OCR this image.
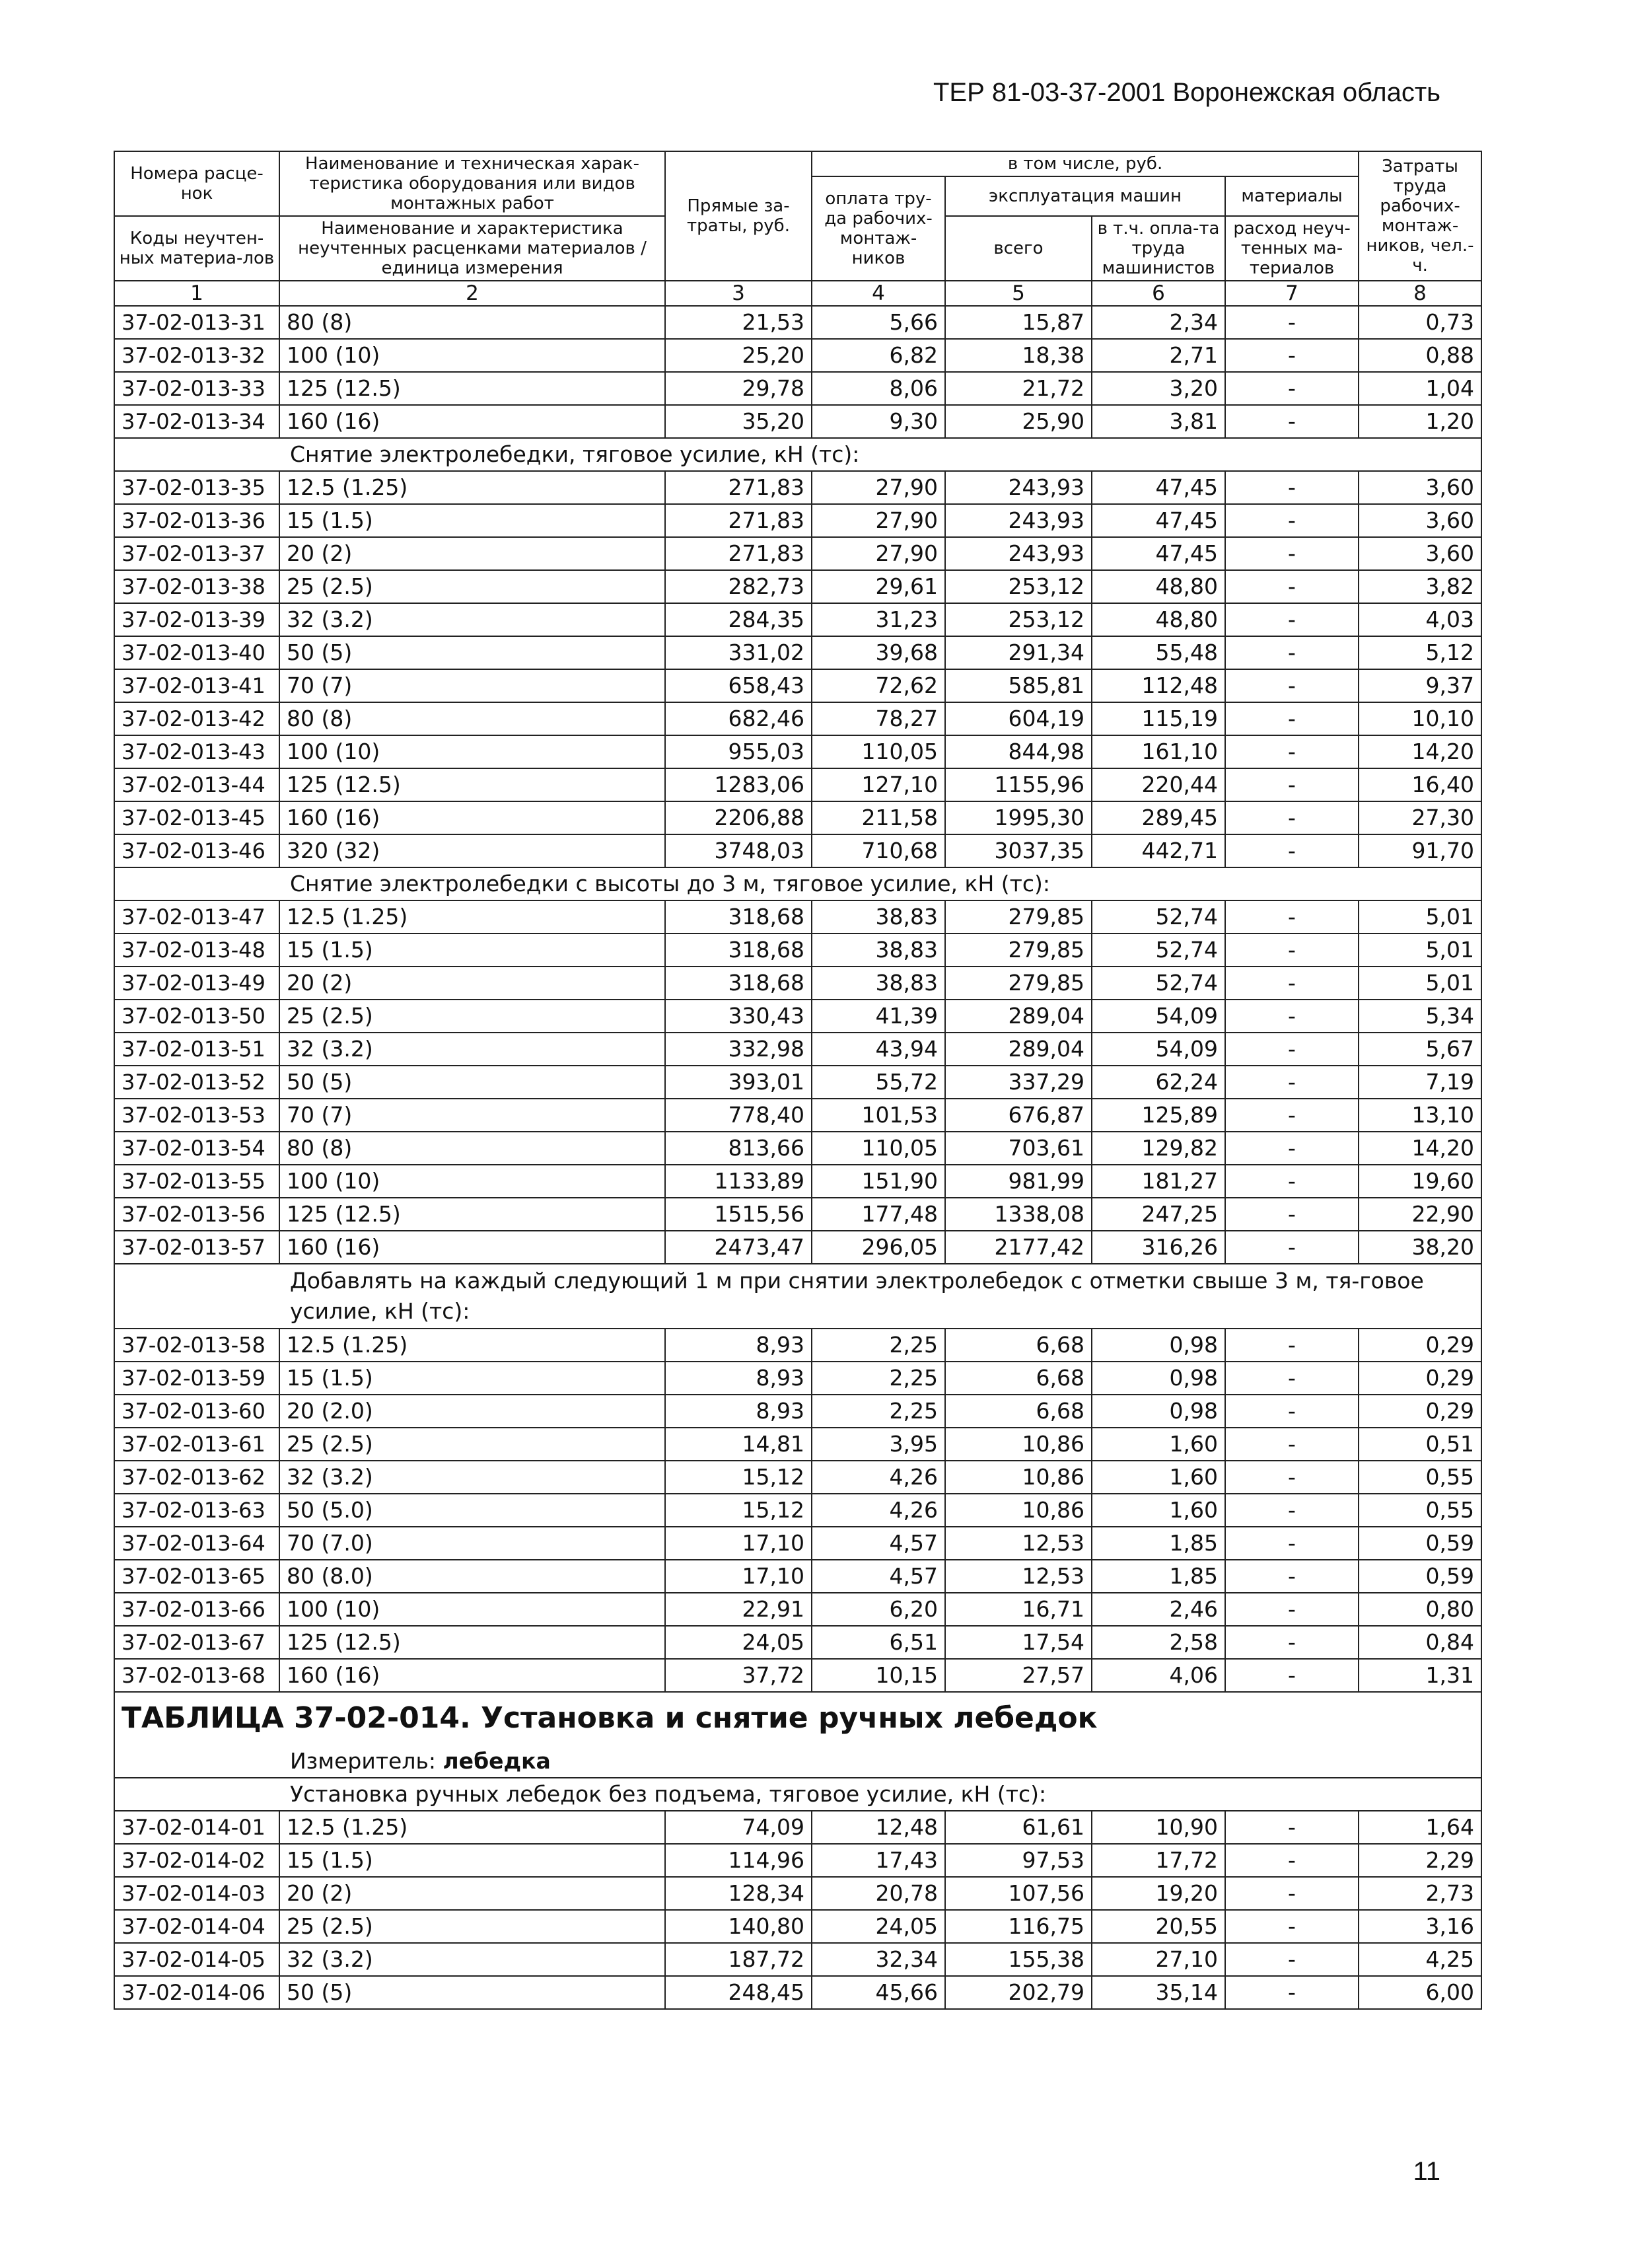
ТЕР 81-03-37-2001 Воронежская область
Номера расце-нок	Наименование и техническая харак-теристика оборудования или видов монтажных работ	Прямые за-траты, руб.	в том числе, руб.				Затраты труда рабочих-монтаж-ников, чел.-ч.
			оплата тру-да рабочих-монтаж-ников	эксплуатация машин		материалы	
Коды неучтен-ных материа-лов	Наименование и характеристика неучтенных расценками материалов / единица измерения			всего	в т.ч. опла-та труда машинистов	расход неуч-тенных ма-териалов	

1	2	3	4	5	6	7	8
37-02-013-31	80 (8)	21,53	5,66	15,87	2,34	-	0,73
37-02-013-32	100 (10)	25,20	6,82	18,38	2,71	-	0,88
37-02-013-33	125 (12.5)	29,78	8,06	21,72	3,20	-	1,04
37-02-013-34	160 (16)	35,20	9,30	25,90	3,81	-	1,20
Снятие электролебедки, тяговое усилие, кН (тс):							
37-02-013-35	12.5 (1.25)	271,83	27,90	243,93	47,45	-	3,60
37-02-013-36	15 (1.5)	271,83	27,90	243,93	47,45	-	3,60
37-02-013-37	20 (2)	271,83	27,90	243,93	47,45	-	3,60
37-02-013-38	25 (2.5)	282,73	29,61	253,12	48,80	-	3,82
37-02-013-39	32 (3.2)	284,35	31,23	253,12	48,80	-	4,03
37-02-013-40	50 (5)	331,02	39,68	291,34	55,48	-	5,12
37-02-013-41	70 (7)	658,43	72,62	585,81	112,48	-	9,37
37-02-013-42	80 (8)	682,46	78,27	604,19	115,19	-	10,10
37-02-013-43	100 (10)	955,03	110,05	844,98	161,10	-	14,20
37-02-013-44	125 (12.5)	1283,06	127,10	1155,96	220,44	-	16,40
37-02-013-45	160 (16)	2206,88	211,58	1995,30	289,45	-	27,30
37-02-013-46	320 (32)	3748,03	710,68	3037,35	442,71	-	91,70
Снятие электролебедки с высоты до 3 м, тяговое усилие, кН (тс):							
37-02-013-47	12.5 (1.25)	318,68	38,83	279,85	52,74	-	5,01
37-02-013-48	15 (1.5)	318,68	38,83	279,85	52,74	-	5,01
37-02-013-49	20 (2)	318,68	38,83	279,85	52,74	-	5,01
37-02-013-50	25 (2.5)	330,43	41,39	289,04	54,09	-	5,34
37-02-013-51	32 (3.2)	332,98	43,94	289,04	54,09	-	5,67
37-02-013-52	50 (5)	393,01	55,72	337,29	62,24	-	7,19
37-02-013-53	70 (7)	778,40	101,53	676,87	125,89	-	13,10
37-02-013-54	80 (8)	813,66	110,05	703,61	129,82	-	14,20
37-02-013-55	100 (10)	1133,89	151,90	981,99	181,27	-	19,60
37-02-013-56	125 (12.5)	1515,56	177,48	1338,08	247,25	-	22,90
37-02-013-57	160 (16)	2473,47	296,05	2177,42	316,26	-	38,20
Добавлять на каждый следующий 1 м при снятии электролебедок с отметки свыше 3 м, тя-говое усилие, кН (тс):							
37-02-013-58	12.5 (1.25)	8,93	2,25	6,68	0,98	-	0,29
37-02-013-59	15 (1.5)	8,93	2,25	6,68	0,98	-	0,29
37-02-013-60	20 (2.0)	8,93	2,25	6,68	0,98	-	0,29
37-02-013-61	25 (2.5)	14,81	3,95	10,86	1,60	-	0,51
37-02-013-62	32 (3.2)	15,12	4,26	10,86	1,60	-	0,55
37-02-013-63	50 (5.0)	15,12	4,26	10,86	1,60	-	0,55
37-02-013-64	70 (7.0)	17,10	4,57	12,53	1,85	-	0,59
37-02-013-65	80 (8.0)	17,10	4,57	12,53	1,85	-	0,59
37-02-013-66	100 (10)	22,91	6,20	16,71	2,46	-	0,80
37-02-013-67	125 (12.5)	24,05	6,51	17,54	2,58	-	0,84
37-02-013-68	160 (16)	37,72	10,15	27,57	4,06	-	1,31
ТАБЛИЦА 37-02-014. Установка и снятие ручных лебедок							
Измеритель: лебедка							
Установка ручных лебедок без подъема, тяговое усилие, кН (тс):							
37-02-014-01	12.5 (1.25)	74,09	12,48	61,61	10,90	-	1,64
37-02-014-02	15 (1.5)	114,96	17,43	97,53	17,72	-	2,29
37-02-014-03	20 (2)	128,34	20,78	107,56	19,20	-	2,73
37-02-014-04	25 (2.5)	140,80	24,05	116,75	20,55	-	3,16
37-02-014-05	32 (3.2)	187,72	32,34	155,38	27,10	-	4,25
37-02-014-06	50 (5)	248,45	45,66	202,79	35,14	-	6,00
11
